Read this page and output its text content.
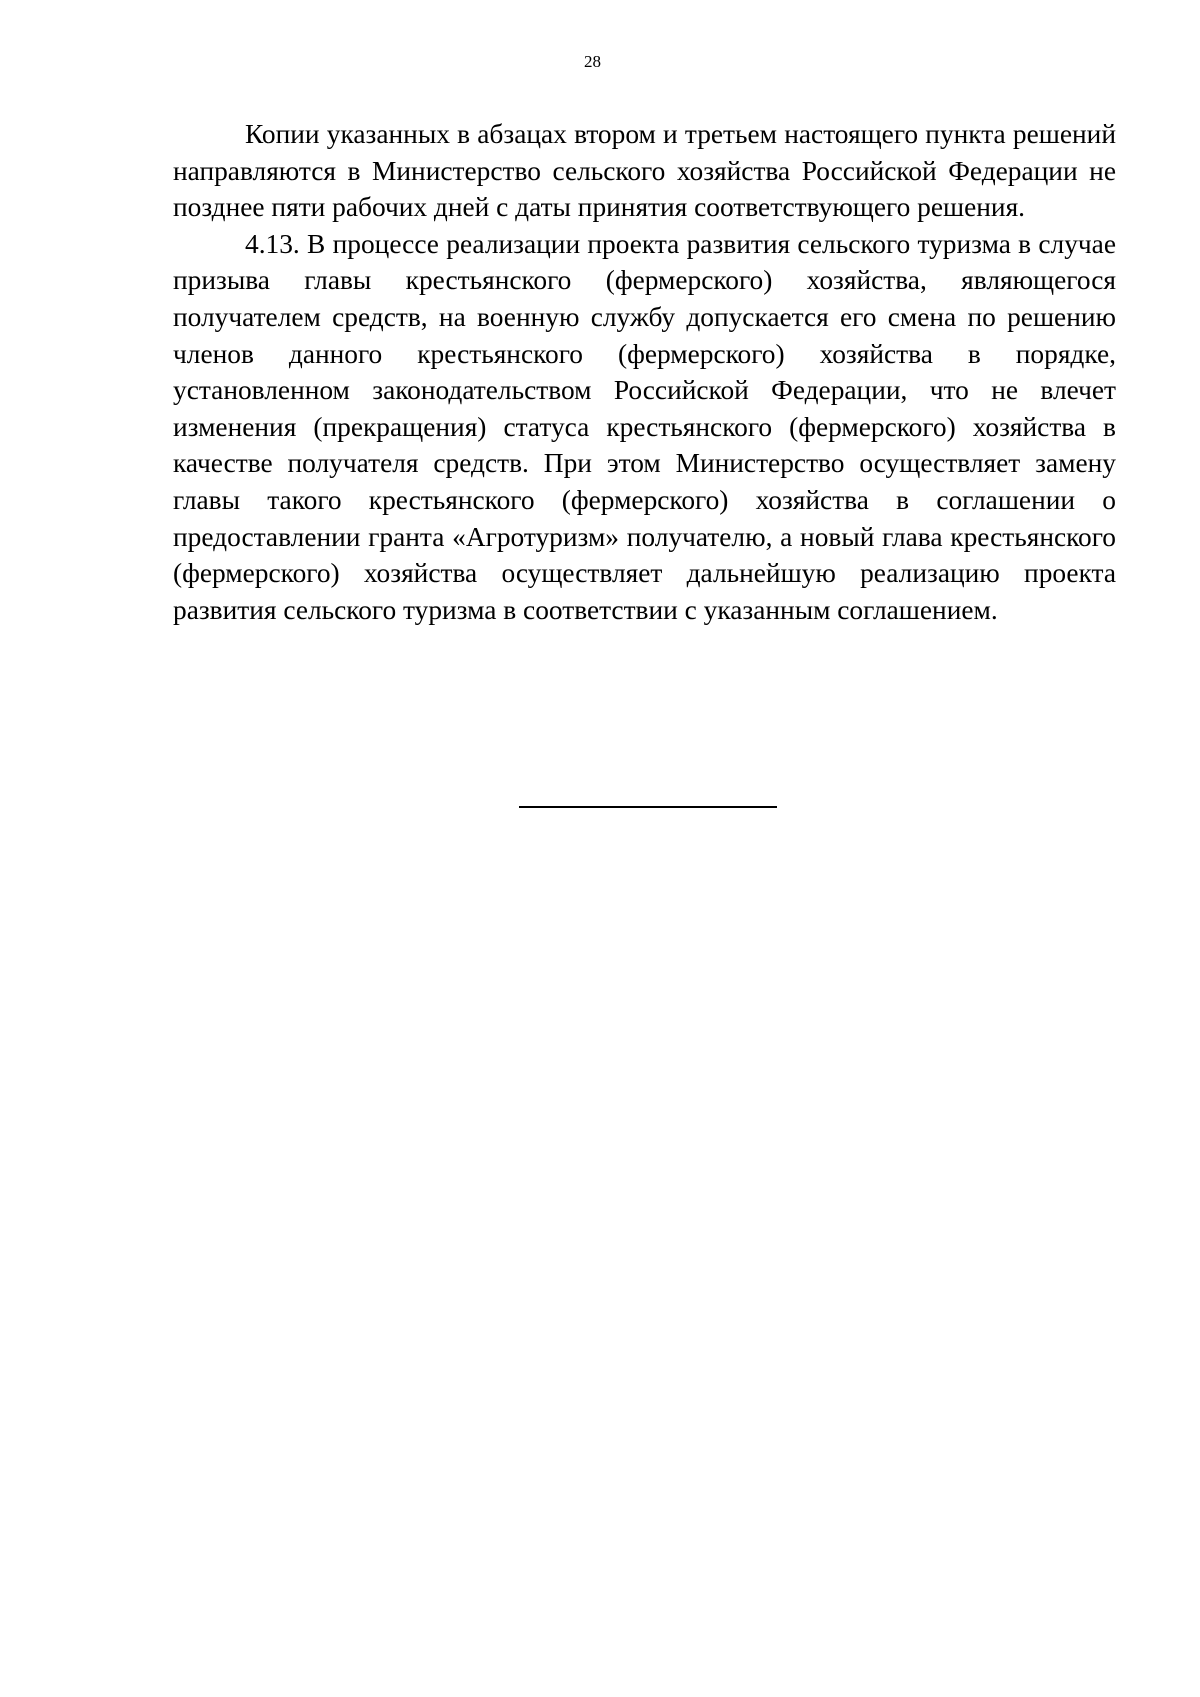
28

Копии указанных в абзацах втором и третьем настоящего пункта решений направляются в Министерство сельского хозяйства Российской Федерации не позднее пяти рабочих дней с даты принятия соответствующего решения.

4.13. В процессе реализации проекта развития сельского туризма в случае призыва главы крестьянского (фермерского) хозяйства, являющегося получателем средств, на военную службу допускается его смена по решению членов данного крестьянского (фермерского) хозяйства в порядке, установленном законодательством Российской Федерации, что не влечет изменения (прекращения) статуса крестьянского (фермерского) хозяйства в качестве получателя средств. При этом Министерство осуществляет замену главы такого крестьянского (фермерского) хозяйства в соглашении о предоставлении гранта «Агротуризм» получателю, а новый глава крестьянского (фермерского) хозяйства осуществляет дальнейшую реализацию проекта развития сельского туризма в соответствии с указанным соглашением.
